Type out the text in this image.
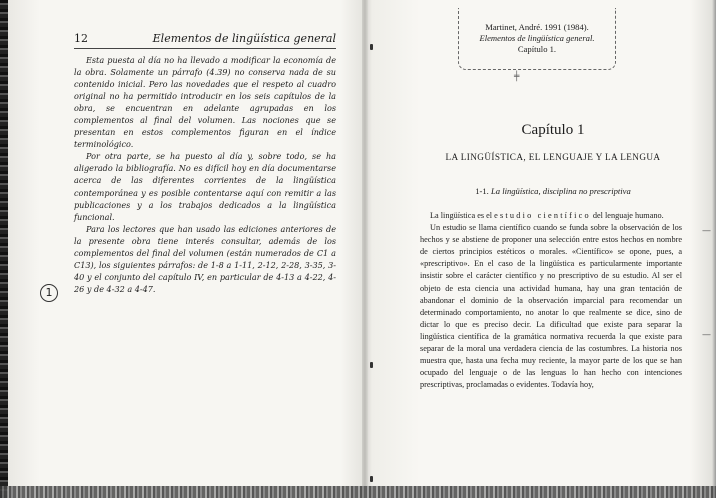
12	Elementos de lingüística general

Esta puesta al día no ha llevado a modificar la economía de la obra. Solamente un párrafo (4.39) no conserva nada de su contenido inicial. Pero las novedades que el respeto al cuadro original no ha permitido introducir en los seis capítulos de la obra, se encuentran en adelante agrupadas en los complementos al final del volumen. Las nociones que se presentan en estos complementos figuran en el índice terminológico.

Por otra parte, se ha puesto al día y, sobre todo, se ha aligerado la bibliografía. No es difícil hoy en día documentarse acerca de las diferentes corrientes de la lingüística contemporánea y es posible contentarse aquí con remitir a las publicaciones y a los trabajos dedicados a la lingüística funcional.

Para los lectores que han usado las ediciones anteriores de la presente obra tiene interés consultar, además de los complementos del final del volumen (están numerados de C1 a C13), los siguientes párrafos: de 1-8 a 1-11, 2-12, 2-28, 3-35, 3-40 y el conjunto del capítulo IV, en particular de 4-13 a 4-22, 4-26 y de 4-32 a 4-47.

1
Martinet, André. 1991 (1984).
Elementos de lingüística general.
Capítulo 1.
╪
—
—
Capítulo 1
LA LINGÜÍSTICA, EL LENGUAJE Y LA LENGUA
1-1. La lingüística, disciplina no prescriptiva

La lingüística es el estudio científico del lenguaje humano.

Un estudio se llama científico cuando se funda sobre la observación de los hechos y se abstiene de proponer una selección entre estos hechos en nombre de ciertos principios estéticos o morales. «Científico» se opone, pues, a «prescriptivo». En el caso de la lingüística es particularmente importante insistir sobre el carácter científico y no prescriptivo de su estudio. Al ser el objeto de esta ciencia una actividad humana, hay una gran tentación de abandonar el dominio de la observación imparcial para recomendar un determinado comportamiento, no anotar lo que realmente se dice, sino de dictar lo que es preciso decir. La dificultad que existe para separar la lingüística científica de la gramática normativa recuerda la que existe para separar de la moral una verdadera ciencia de las costumbres. La historia nos muestra que, hasta una fecha muy reciente, la mayor parte de los que se han ocupado del lenguaje o de las lenguas lo han hecho con intenciones prescriptivas, proclamadas o evidentes. Todavía hoy,
